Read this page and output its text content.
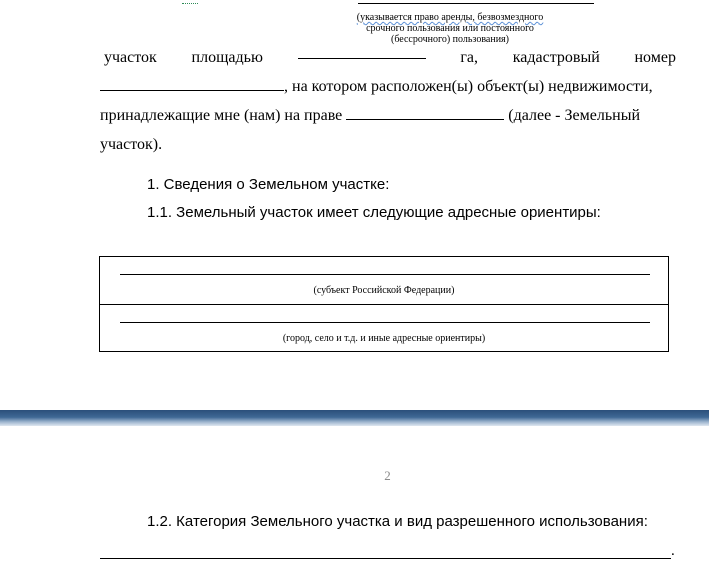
(указывается право аренды, безвозмездного
срочного пользования или постоянного
(бессрочного) пользования)
участок площадью	га, кадастровый номер
, на котором расположен(ы) объект(ы) недвижимости,
принадлежащие мне (нам) на праве	(далее - Земельный
участок).
1. Сведения о Земельном участке:
1.1. Земельный участок имеет следующие адресные ориентиры:
(субъект Российской Федерации)
(город, село и т.д. и иные адресные ориентиры)
2
1.2. Категория Земельного участка и вид разрешенного использования:
.
